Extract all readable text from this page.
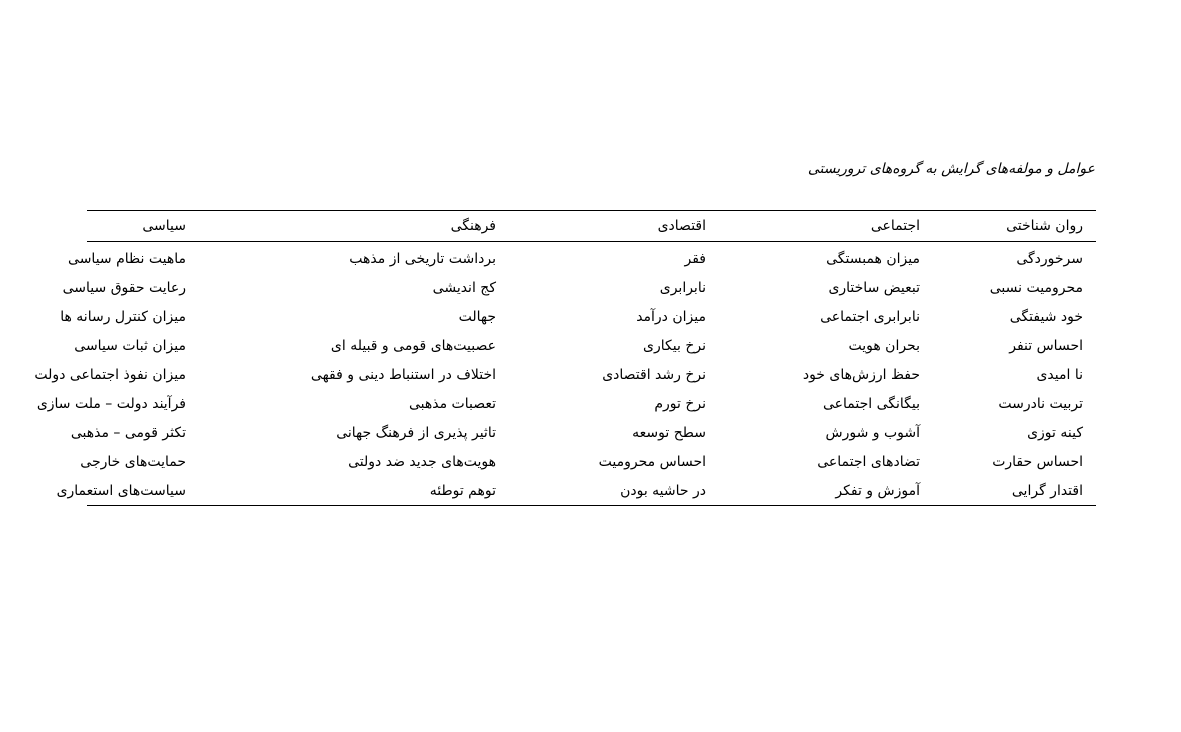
عوامل و مولفه‌های گرایش به گروه‌های تروریستی
روان شناختی	اجتماعی	اقتصادی	فرهنگی	سیاسی
سرخوردگی	میزان همبستگی	فقر	برداشت تاریخی از مذهب	ماهیت نظام سیاسی
محرومیت نسبی	تبعیض ساختاری	نابرابری	کج اندیشی	رعایت حقوق سیاسی
خود شیفتگی	نابرابری اجتماعی	میزان درآمد	جهالت	میزان کنترل رسانه ها
احساس تنفر	بحران هویت	نرخ بیکاری	عصبیت‌های قومی و قبیله ای	میزان ثبات سیاسی
نا امیدی	حفظ ارزش‌های خود	نرخ رشد اقتصادی	اختلاف در استنباط دینی و فقهی	میزان نفوذ اجتماعی دولت
تربیت نادرست	بیگانگی اجتماعی	نرخ تورم	تعصبات مذهبی	فرآیند دولت – ملت سازی
کینه توزی	آشوب و شورش	سطح توسعه	تاثیر پذیری از فرهنگ جهانی	تکثر قومی – مذهبی
احساس حقارت	تضادهای اجتماعی	احساس محرومیت	هویت‌های جدید ضد دولتی	حمایت‌های خارجی
اقتدار گرایی	آموزش و تفکر	در حاشیه بودن	توهم توطئه	سیاست‌های استعماری
